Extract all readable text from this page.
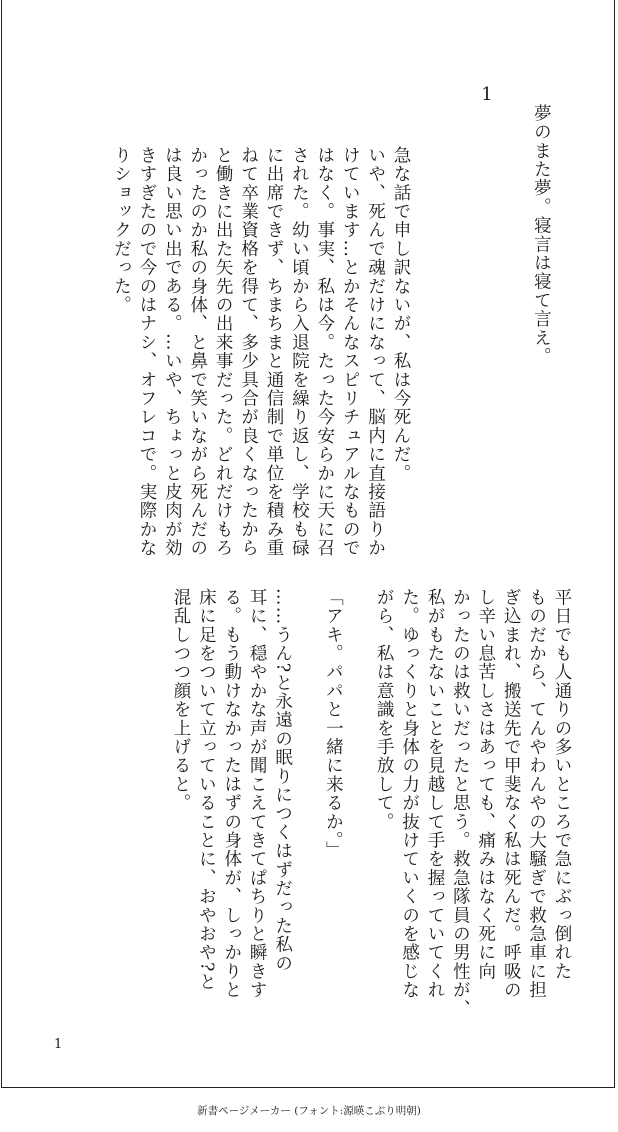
夢のまた夢。寝言は寝て言え。
1
急な話で申し訳ないが、私は今死んだ。
いや、死んで魂だけになって、脳内に直接語りか
けています…とかそんなスピリチュアルなもので
はなく。事実、私は今。たった今安らかに天に召
された。幼い頃から入退院を繰り返し、学校も碌
に出席できず、ちまちまと通信制で単位を積み重
ねて卒業資格を得て、多少具合が良くなったから
と働きに出た矢先の出来事だった。どれだけもろ
かったのか私の身体、と鼻で笑いながら死んだの
は良い思い出である。…いや、ちょっと皮肉が効
きすぎたので今のはナシ、オフレコで。実際かな
りショックだった。
平日でも人通りの多いところで急にぶっ倒れた
ものだから、てんやわんやの大騒ぎで救急車に担
ぎ込まれ、搬送先で甲斐なく私は死んだ。呼吸の
し辛い息苦しさはあっても、痛みはなく死に向
かったのは救いだったと思う。救急隊員の男性が、
私がもたないことを見越して手を握っていてくれ
た。ゆっくりと身体の力が抜けていくのを感じな
がら、私は意識を手放して。
「アキ。パパと一緒に来るか。」
……うん?と永遠の眠りにつくはずだった私の
耳に、穏やかな声が聞こえてきてぱちりと瞬きす
る。もう動けなかったはずの身体が、しっかりと
床に足をついて立っていることに、おやおや?と
混乱しつつ顔を上げると。
1
新書ページメーカー (フォント:源暎こぶり明朝)
